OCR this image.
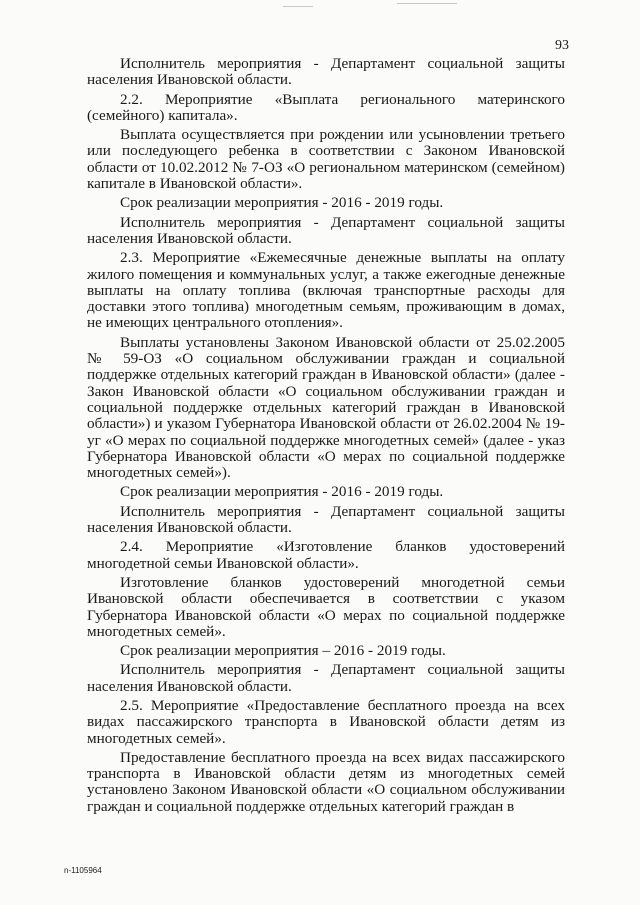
93

Исполнитель мероприятия - Департамент социальной защиты населения Ивановской области.

2.2. Мероприятие «Выплата регионального материнского (семейного) капитала».

Выплата осуществляется при рождении или усыновлении третьего или последующего ребенка в соответствии с Законом Ивановской области от 10.02.2012 № 7-ОЗ «О региональном материнском (семейном) капитале в Ивановской области».

Срок реализации мероприятия - 2016 - 2019 годы.

Исполнитель мероприятия - Департамент социальной защиты населения Ивановской области.

2.3. Мероприятие «Ежемесячные денежные выплаты на оплату жилого помещения и коммунальных услуг, а также ежегодные денежные выплаты на оплату топлива (включая транспортные расходы для доставки этого топлива) многодетным семьям, проживающим в домах, не имеющих центрального отопления».

Выплаты установлены Законом Ивановской области от 25.02.2005 № 59-ОЗ «О социальном обслуживании граждан и социальной поддержке отдельных категорий граждан в Ивановской области» (далее - Закон Ивановской области «О социальном обслуживании граждан и социальной поддержке отдельных категорий граждан в Ивановской области») и указом Губернатора Ивановской области от 26.02.2004 № 19-уг «О мерах по социальной поддержке многодетных семей» (далее - указ Губернатора Ивановской области «О мерах по социальной поддержке многодетных семей»).

Срок реализации мероприятия - 2016 - 2019 годы.

Исполнитель мероприятия - Департамент социальной защиты населения Ивановской области.

2.4. Мероприятие «Изготовление бланков удостоверений многодетной семьи Ивановской области».

Изготовление бланков удостоверений многодетной семьи Ивановской области обеспечивается в соответствии с указом Губернатора Ивановской области «О мерах по социальной поддержке многодетных семей».

Срок реализации мероприятия – 2016 - 2019 годы.

Исполнитель мероприятия - Департамент социальной защиты населения Ивановской области.

2.5. Мероприятие «Предоставление бесплатного проезда на всех видах пассажирского транспорта в Ивановской области детям из многодетных семей».

Предоставление бесплатного проезда на всех видах пассажирского транспорта в Ивановской области детям из многодетных семей установлено Законом Ивановской области «О социальном обслуживании граждан и социальной поддержке отдельных категорий граждан в

n-1105964
